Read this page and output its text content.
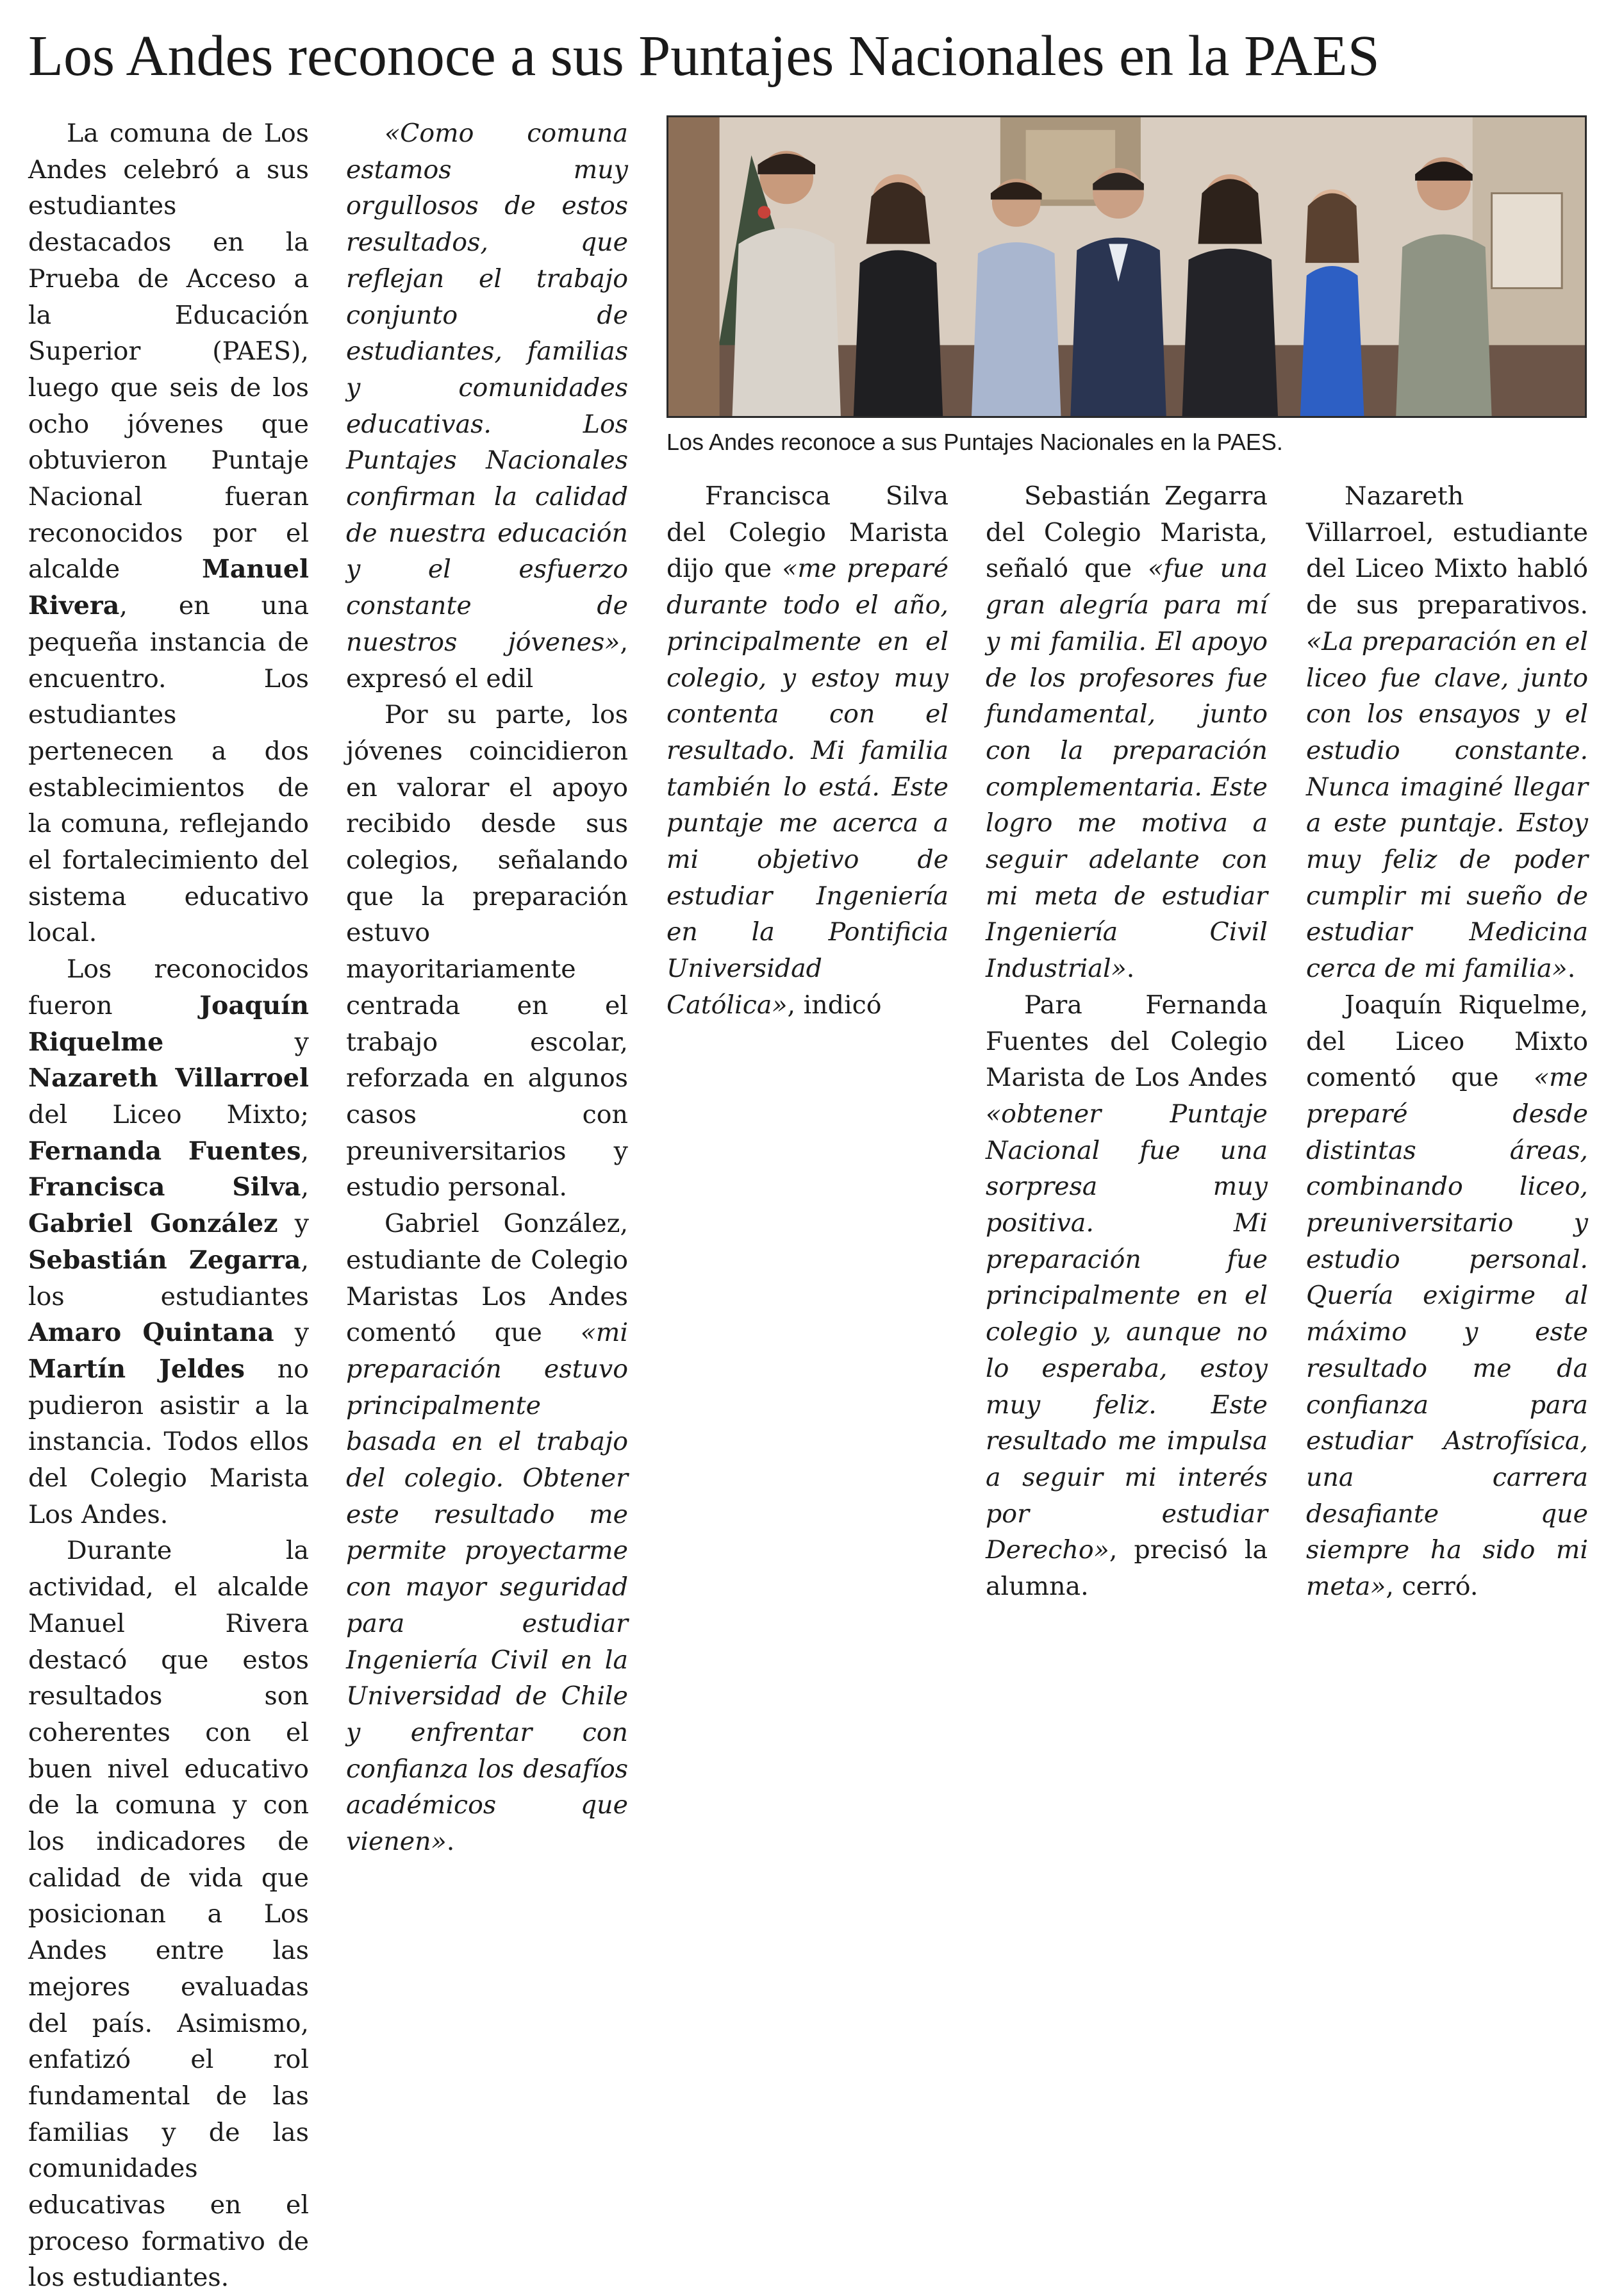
Los Andes reconoce a sus Puntajes Nacionales en la PAES
Los Andes reconoce a sus Puntajes Nacionales en la PAES.

La comuna de Los Andes celebró a sus estudiantes destacados en la Prueba de Acceso a la Educación Superior (PAES), luego que seis de los ocho jóvenes que obtuvieron Puntaje Nacional fueran reconocidos por el alcalde Manuel Rivera, en una pequeña instancia de encuentro. Los estudiantes pertenecen a dos establecimientos de la comuna, reflejando el fortalecimiento del sistema educativo local.

Los reconocidos fueron Joaquín Riquelme y Nazareth Villarroel del Liceo Mixto; Fernanda Fuentes, Francisca Silva, Gabriel González y Sebastián Zegarra, los estudiantes Amaro Quintana y Martín Jeldes no pudieron asistir a la instancia. Todos ellos del Colegio Marista Los Andes.

Durante la actividad, el alcalde Manuel Rivera destacó que estos resultados son coherentes con el buen nivel educativo de la comuna y con los indicadores de calidad de vida que posicionan a Los Andes entre las mejores evaluadas del país. Asimismo, enfatizó el rol fundamental de las familias y de las comunidades educativas en el proceso formativo de los estudiantes.

«Como comuna estamos muy orgullosos de estos resultados, que reflejan el trabajo conjunto de estudiantes, familias y comunidades educativas. Los Puntajes Nacionales confirman la calidad de nuestra educación y el esfuerzo constante de nuestros jóvenes», expresó el edil

Por su parte, los jóvenes coincidieron en valorar el apoyo recibido desde sus colegios, señalando que la preparación estuvo mayoritariamente centrada en el trabajo escolar, reforzada en algunos casos con preuniversitarios y estudio personal.

Gabriel González, estudiante de Colegio Maristas Los Andes comentó que «mi preparación estuvo principalmente basada en el trabajo del colegio. Obtener este resultado me permite proyectarme con mayor seguridad para estudiar Ingeniería Civil en la Universidad de Chile y enfrentar con confianza los desafíos académicos que vienen».

Francisca Silva del Colegio Marista dijo que «me preparé durante todo el año, principalmente en el colegio, y estoy muy contenta con el resultado. Mi familia también lo está. Este puntaje me acerca a mi objetivo de estudiar Ingeniería en la Pontificia Universidad Católica», indicó

Sebastián Zegarra del Colegio Marista, señaló que «fue una gran alegría para mí y mi familia. El apoyo de los profesores fue fundamental, junto con la preparación complementaria. Este logro me motiva a seguir adelante con mi meta de estudiar Ingeniería Civil Industrial».

Para Fernanda Fuentes del Colegio Marista de Los Andes «obtener Puntaje Nacional fue una sorpresa muy positiva. Mi preparación fue principalmente en el colegio y, aunque no lo esperaba, estoy muy feliz. Este resultado me impulsa a seguir mi interés por estudiar Derecho», precisó la alumna.

Nazareth Villarroel, estudiante del Liceo Mixto habló de sus preparativos. «La preparación en el liceo fue clave, junto con los ensayos y el estudio constante. Nunca imaginé llegar a este puntaje. Estoy muy feliz de poder cumplir mi sueño de estudiar Medicina cerca de mi familia».

Joaquín Riquelme, del Liceo Mixto comentó que «me preparé desde distintas áreas, combinando liceo, preuniversitario y estudio personal. Quería exigirme al máximo y este resultado me da confianza para estudiar Astrofísica, una carrera desafiante que siempre ha sido mi meta», cerró.
